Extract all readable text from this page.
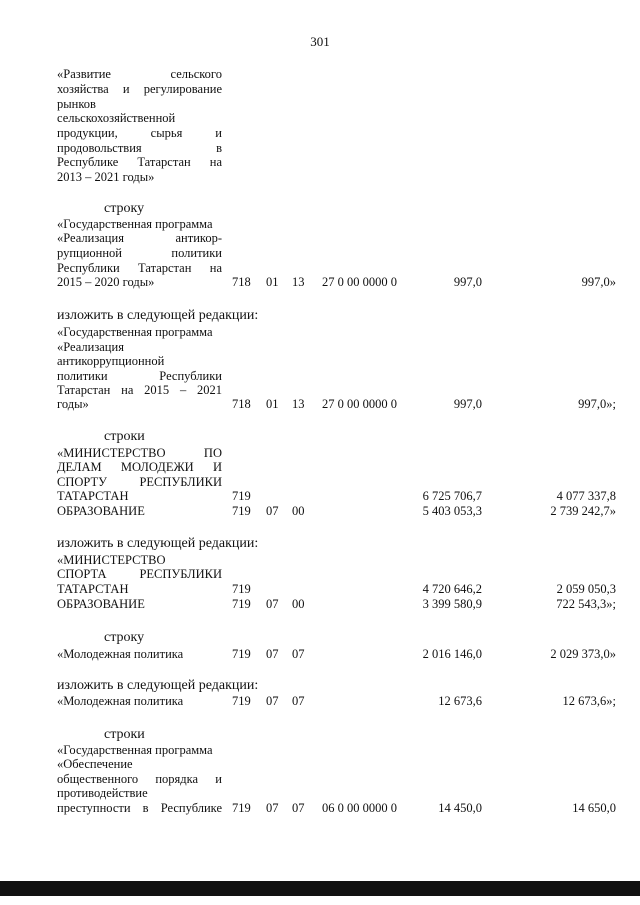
301
«Развитие сельского
хозяйства и регулирование
рынков
сельскохозяйственной
продукции, сырья и
продовольствия в
Республике Татарстан на
2013 – 2021 годы»
строку
«Государственная программа
«Реализация антикор-
рупционной политики
Республики Татарстан на
2015 – 2020 годы»	718 01 13 27 0 00 0000 0	997,0	997,0»
изложить в следующей редакции:
«Государственная программа
«Реализация
антикоррупционной
политики Республики
Татарстан на 2015 – 2021
годы»	718 01 13 27 0 00 0000 0	997,0	997,0»;
строки
«МИНИСТЕРСТВО ПО
ДЕЛАМ МОЛОДЕЖИ И
СПОРТУ РЕСПУБЛИКИ
ТАТАРСТАН	719	6 725 706,7	4 077 337,8
ОБРАЗОВАНИЕ	719 07 00	5 403 053,3	2 739 242,7»
изложить в следующей редакции:
«МИНИСТЕРСТВО
СПОРТА РЕСПУБЛИКИ
ТАТАРСТАН	719	4 720 646,2	2 059 050,3
ОБРАЗОВАНИЕ	719 07 00	3 399 580,9	722 543,3»;
строку
«Молодежная политика	719 07 07	2 016 146,0	2 029 373,0»
изложить в следующей редакции:
«Молодежная политика	719 07 07	12 673,6	12 673,6»;
строки
«Государственная программа
«Обеспечение
общественного порядка и
противодействие
преступности в Республике 719 07 07 06 0 00 0000 0	14 450,0	14 650,0
